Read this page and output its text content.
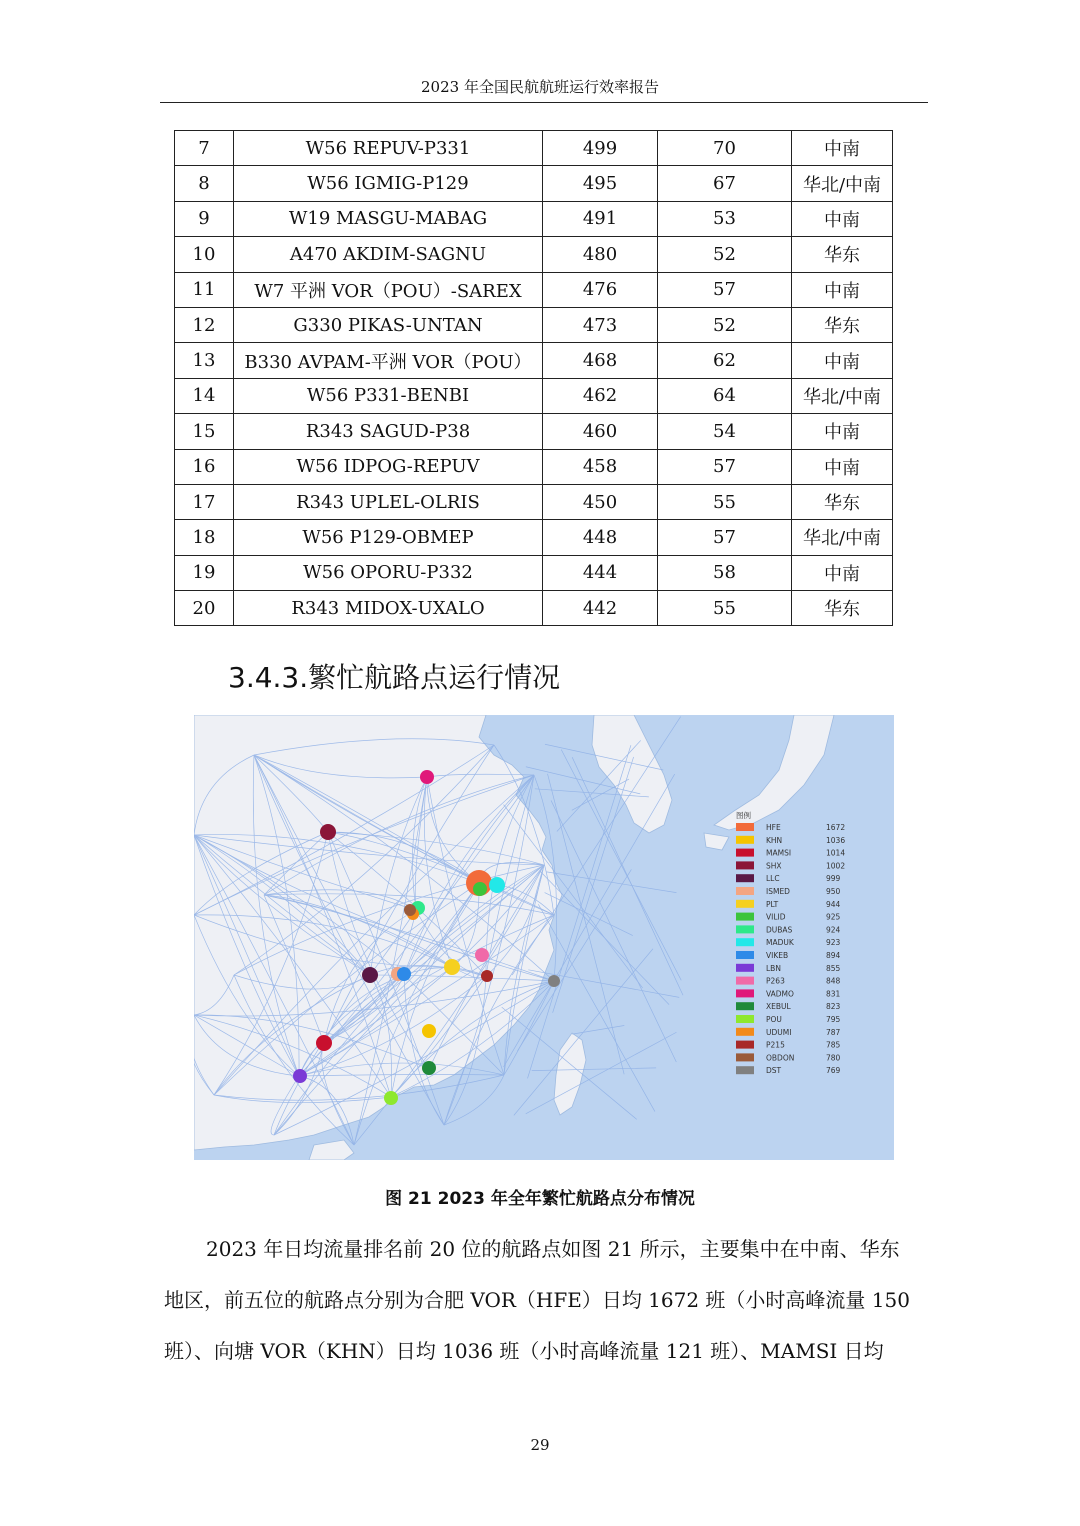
2023 年全国民航航班运行效率报告
7	W56 REPUV-P331	499	70	中南
8	W56 IGMIG-P129	495	67	华北/中南
9	W19 MASGU-MABAG	491	53	中南
10	A470 AKDIM-SAGNU	480	52	华东
11	W7 平洲 VOR（POU）-SAREX	476	57	中南
12	G330 PIKAS-UNTAN	473	52	华东
13	B330 AVPAM-平洲 VOR（POU）	468	62	中南
14	W56 P331-BENBI	462	64	华北/中南
15	R343 SAGUD-P38	460	54	中南
16	W56 IDPOG-REPUV	458	57	中南
17	R343 UPLEL-OLRIS	450	55	华东
18	W56 P129-OBMEP	448	57	华北/中南
19	W56 OPORU-P332	444	58	中南
20	R343 MIDOX-UXALO	442	55	华东
3.4.3.繁忙航路点运行情况
图例
HFE	1672
KHN	1036
MAMSI	1014
SHX	1002
LLC	999
ISMED	950
PLT	944
VILID	925
DUBAS	924
MADUK	923
VIKEB	894
LBN	855
P263	848
VADMO	831
XEBUL	823
POU	795
UDUMI	787
P215	785
OBDON	780
DST	769
图 21 2023 年全年繁忙航路点分布情况
2023 年日均流量排名前 20 位的航路点如图 21 所示，主要集中在中南、华东
地区，前五位的航路点分别为合肥 VOR（HFE）日均 1672 班（小时高峰流量 150
班）、向塘 VOR（KHN）日均 1036 班（小时高峰流量 121 班）、MAMSI 日均
29
